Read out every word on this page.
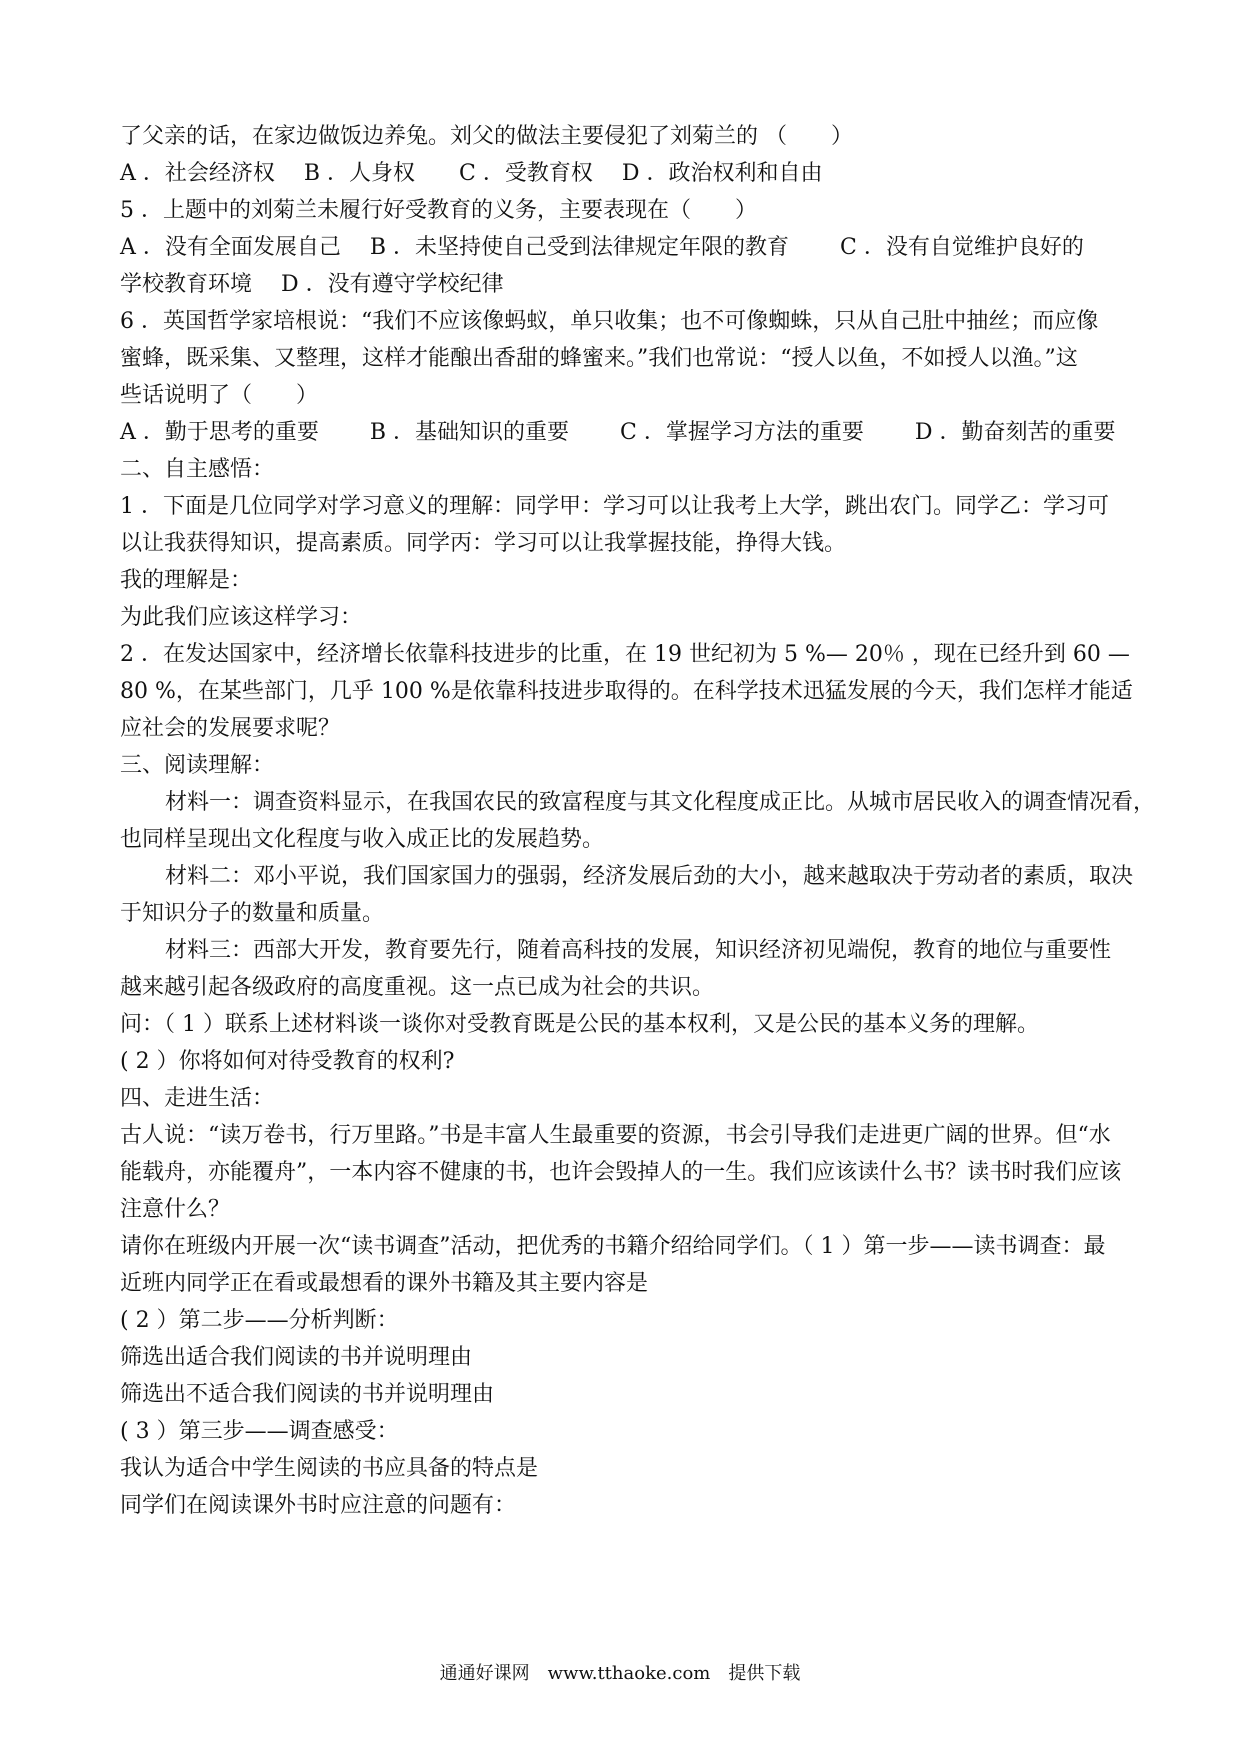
了父亲的话，在家边做饭边养兔。刘父的做法主要侵犯了刘菊兰的 （　　）
A ．社会经济权　 B ．人身权　　C ．受教育权　 D ．政治权利和自由
5 ．上题中的刘菊兰未履行好受教育的义务，主要表现在（　　）
A ．没有全面发展自己　 B ．未坚持使自己受到法律规定年限的教育　　 C ．没有自觉维护良好的
学校教育环境　 D ．没有遵守学校纪律
6 ．英国哲学家培根说：“我们不应该像蚂蚁，单只收集；也不可像蜘蛛，只从自己肚中抽丝；而应像
蜜蜂，既采集、又整理，这样才能酿出香甜的蜂蜜来。”我们也常说：“授人以鱼，不如授人以渔。”这
些话说明了（　　）
A ．勤于思考的重要　　 B ．基础知识的重要　　 C ．掌握学习方法的重要　　 D ．勤奋刻苦的重要
二、自主感悟：
1 ．下面是几位同学对学习意义的理解：同学甲：学习可以让我考上大学，跳出农门。同学乙：学习可
以让我获得知识，提高素质。同学丙：学习可以让我掌握技能，挣得大钱。
我的理解是：
为此我们应该这样学习：
2 ．在发达国家中，经济增长依靠科技进步的比重，在 19 世纪初为 5 %— 20％ ，现在已经升到 60 —
80 %，在某些部门，几乎 100 %是依靠科技进步取得的。在科学技术迅猛发展的今天，我们怎样才能适
应社会的发展要求呢？
三、阅读理解：
材料一：调查资料显示，在我国农民的致富程度与其文化程度成正比。从城市居民收入的调查情况看，
也同样呈现出文化程度与收入成正比的发展趋势。
材料二：邓小平说，我们国家国力的强弱，经济发展后劲的大小，越来越取决于劳动者的素质，取决
于知识分子的数量和质量。
材料三：西部大开发，教育要先行，随着高科技的发展，知识经济初见端倪，教育的地位与重要性
越来越引起各级政府的高度重视。这一点已成为社会的共识。
问：（ 1 ）联系上述材料谈一谈你对受教育既是公民的基本权利，又是公民的基本义务的理解。
( 2 ）你将如何对待受教育的权利?
四、走进生活：
古人说：“读万卷书，行万里路。”书是丰富人生最重要的资源，书会引导我们走进更广阔的世界。但“水
能载舟，亦能覆舟”，一本内容不健康的书，也许会毁掉人的一生。我们应该读什么书？读书时我们应该
注意什么？
请你在班级内开展一次“读书调查”活动，把优秀的书籍介绍给同学们。（ 1 ）第一步——读书调查：最
近班内同学正在看或最想看的课外书籍及其主要内容是
( 2 ）第二步——分析判断：
筛选出适合我们阅读的书并说明理由
筛选出不适合我们阅读的书并说明理由
( 3 ）第三步——调查感受：
我认为适合中学生阅读的书应具备的特点是
同学们在阅读课外书时应注意的问题有：
通通好课网　www.tthaoke.com　提供下载
